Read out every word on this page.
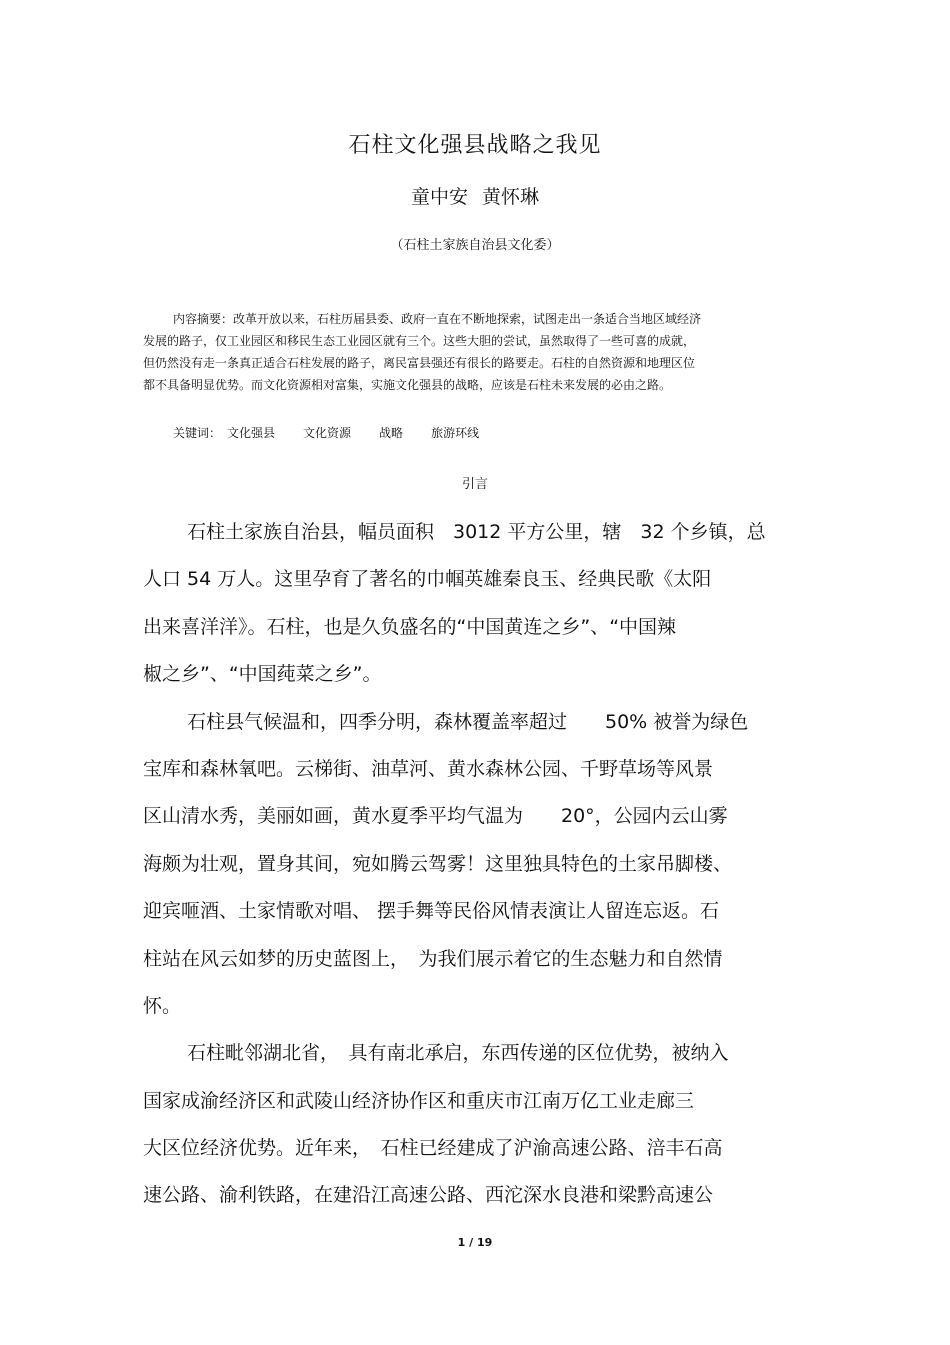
石柱文化强县战略之我见
童中安 黄怀琳
（石柱土家族自治县文化委）
内容摘要：改革开放以来，石柱历届县委、政府一直在不断地探索，试图走出一条适合当地区域经济
发展的路子，仅工业园区和移民生态工业园区就有三个。这些大胆的尝试，虽然取得了一些可喜的成就，
但仍然没有走一条真正适合石柱发展的路子，离民富县强还有很长的路要走。石柱的自然资源和地理区位
都不具备明显优势。而文化资源相对富集，实施文化强县的战略，应该是石柱未来发展的必由之路。
关键词： 文化强县 文化资源 战略 旅游环线
引言
石柱土家族自治县，幅员面积　3012 平方公里，辖　32 个乡镇，总
人口 54 万人。这里孕育了著名的巾帼英雄秦良玉、经典民歌《太阳
出来喜洋洋》。石柱，也是久负盛名的“中国黄连之乡”、“中国辣
椒之乡”、“中国莼菜之乡”。
石柱县气候温和，四季分明，森林覆盖率超过　　50% 被誉为绿色
宝库和森林氧吧。云梯街、油草河、黄水森林公园、千野草场等风景
区山清水秀，美丽如画，黄水夏季平均气温为　　20°，公园内云山雾
海颇为壮观，置身其间，宛如腾云驾雾！这里独具特色的土家吊脚楼、
迎宾咂酒、土家情歌对唱、 摆手舞等民俗风情表演让人留连忘返。石
柱站在风云如梦的历史蓝图上，　为我们展示着它的生态魅力和自然情
怀。
石柱毗邻湖北省，　具有南北承启，东西传递的区位优势，被纳入
国家成渝经济区和武陵山经济协作区和重庆市江南万亿工业走廊三
大区位经济优势。近年来，　石柱已经建成了沪渝高速公路、涪丰石高
速公路、渝利铁路，在建沿江高速公路、西沱深水良港和梁黔高速公
1 / 19
